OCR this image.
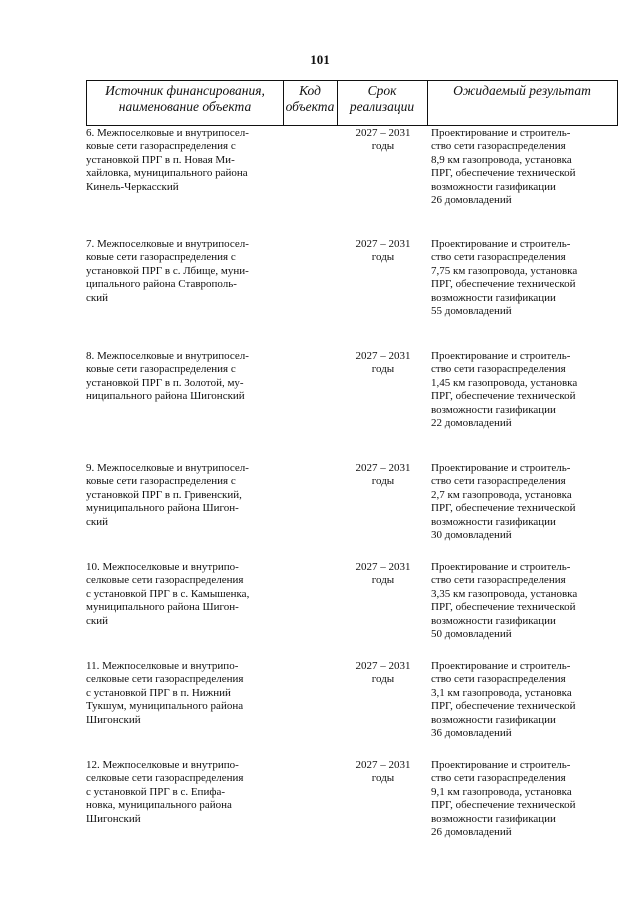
101
Источник финансирования,
наименование объекта
Код
объекта
Срок
реализации
Ожидаемый результат
6. Межпоселковые и внутрипосел-
ковые сети газораспределения с
установкой ПРГ в п. Новая Ми-
хайловка, муниципального района
Кинель-Черкасский
2027 – 2031
годы
Проектирование и строитель-
ство сети газораспределения
8,9 км газопровода, установка
ПРГ, обеспечение технической
возможности газификации
26 домовладений
7. Межпоселковые и внутрипосел-
ковые сети газораспределения с
установкой ПРГ в с. Лбище, муни-
ципального района Ставрополь-
ский
2027 – 2031
годы
Проектирование и строитель-
ство сети газораспределения
7,75 км газопровода, установка
ПРГ, обеспечение технической
возможности газификации
55 домовладений
8. Межпоселковые и внутрипосел-
ковые сети газораспределения с
установкой ПРГ в п. Золотой, му-
ниципального района Шигонский
2027 – 2031
годы
Проектирование и строитель-
ство сети газораспределения
1,45 км газопровода, установка
ПРГ, обеспечение технической
возможности газификации
22 домовладений
9. Межпоселковые и внутрипосел-
ковые сети газораспределения с
установкой ПРГ в п. Гривенский,
муниципального района Шигон-
ский
2027 – 2031
годы
Проектирование и строитель-
ство сети газораспределения
2,7 км газопровода, установка
ПРГ, обеспечение технической
возможности газификации
30 домовладений
10. Межпоселковые и внутрипо-
селковые сети газораспределения
с установкой ПРГ в с. Камышенка,
муниципального района Шигон-
ский
2027 – 2031
годы
Проектирование и строитель-
ство сети газораспределения
3,35 км газопровода, установка
ПРГ, обеспечение технической
возможности газификации
50 домовладений
11. Межпоселковые и внутрипо-
селковые сети газораспределения
с установкой ПРГ в п. Нижний
Тукшум, муниципального района
Шигонский
2027 – 2031
годы
Проектирование и строитель-
ство сети газораспределения
3,1 км газопровода, установка
ПРГ, обеспечение технической
возможности газификации
36 домовладений
12. Межпоселковые и внутрипо-
селковые сети газораспределения
с установкой ПРГ в с. Епифа-
новка, муниципального района
Шигонский
2027 – 2031
годы
Проектирование и строитель-
ство сети газораспределения
9,1 км газопровода, установка
ПРГ, обеспечение технической
возможности газификации
26 домовладений
